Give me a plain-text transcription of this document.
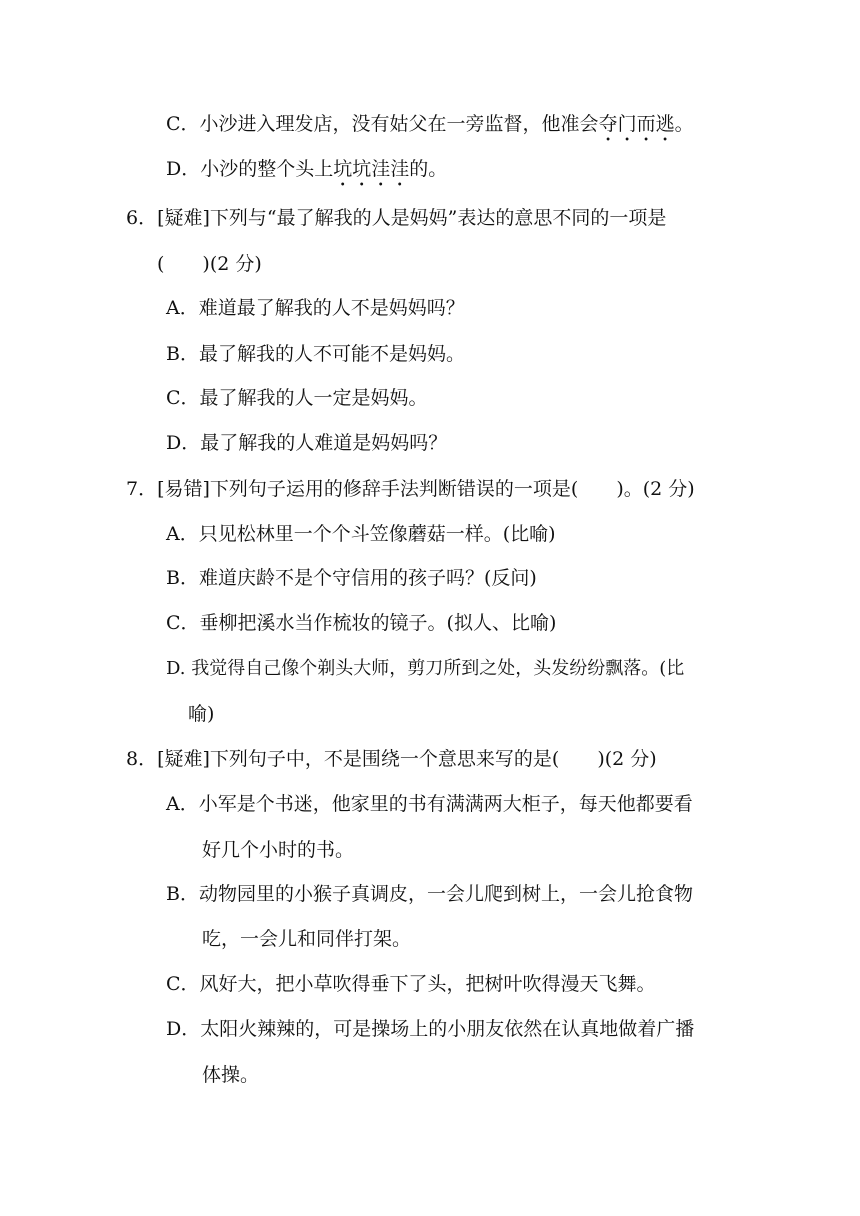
C．小沙进入理发店，没有姑父在一旁监督，他准会夺门而逃。
D．小沙的整个头上坑坑洼洼的。
6．[疑难]下列与“最了解我的人是妈妈”表达的意思不同的一项是
(　　)(2 分)
A．难道最了解我的人不是妈妈吗？
B．最了解我的人不可能不是妈妈。
C．最了解我的人一定是妈妈。
D．最了解我的人难道是妈妈吗？
7．[易错]下列句子运用的修辞手法判断错误的一项是(　　)。(2 分)
A．只见松林里一个个斗笠像蘑菇一样。(比喻)
B．难道庆龄不是个守信用的孩子吗？(反问)
C．垂柳把溪水当作梳妆的镜子。(拟人、比喻)
D. 我觉得自己像个剃头大师，剪刀所到之处，头发纷纷飘落。(比
喻)
8．[疑难]下列句子中，不是围绕一个意思来写的是(　　)(2 分)
A．小军是个书迷，他家里的书有满满两大柜子，每天他都要看
好几个小时的书。
B．动物园里的小猴子真调皮，一会儿爬到树上，一会儿抢食物
吃，一会儿和同伴打架。
C．风好大，把小草吹得垂下了头，把树叶吹得漫天飞舞。
D．太阳火辣辣的，可是操场上的小朋友依然在认真地做着广播
体操。
